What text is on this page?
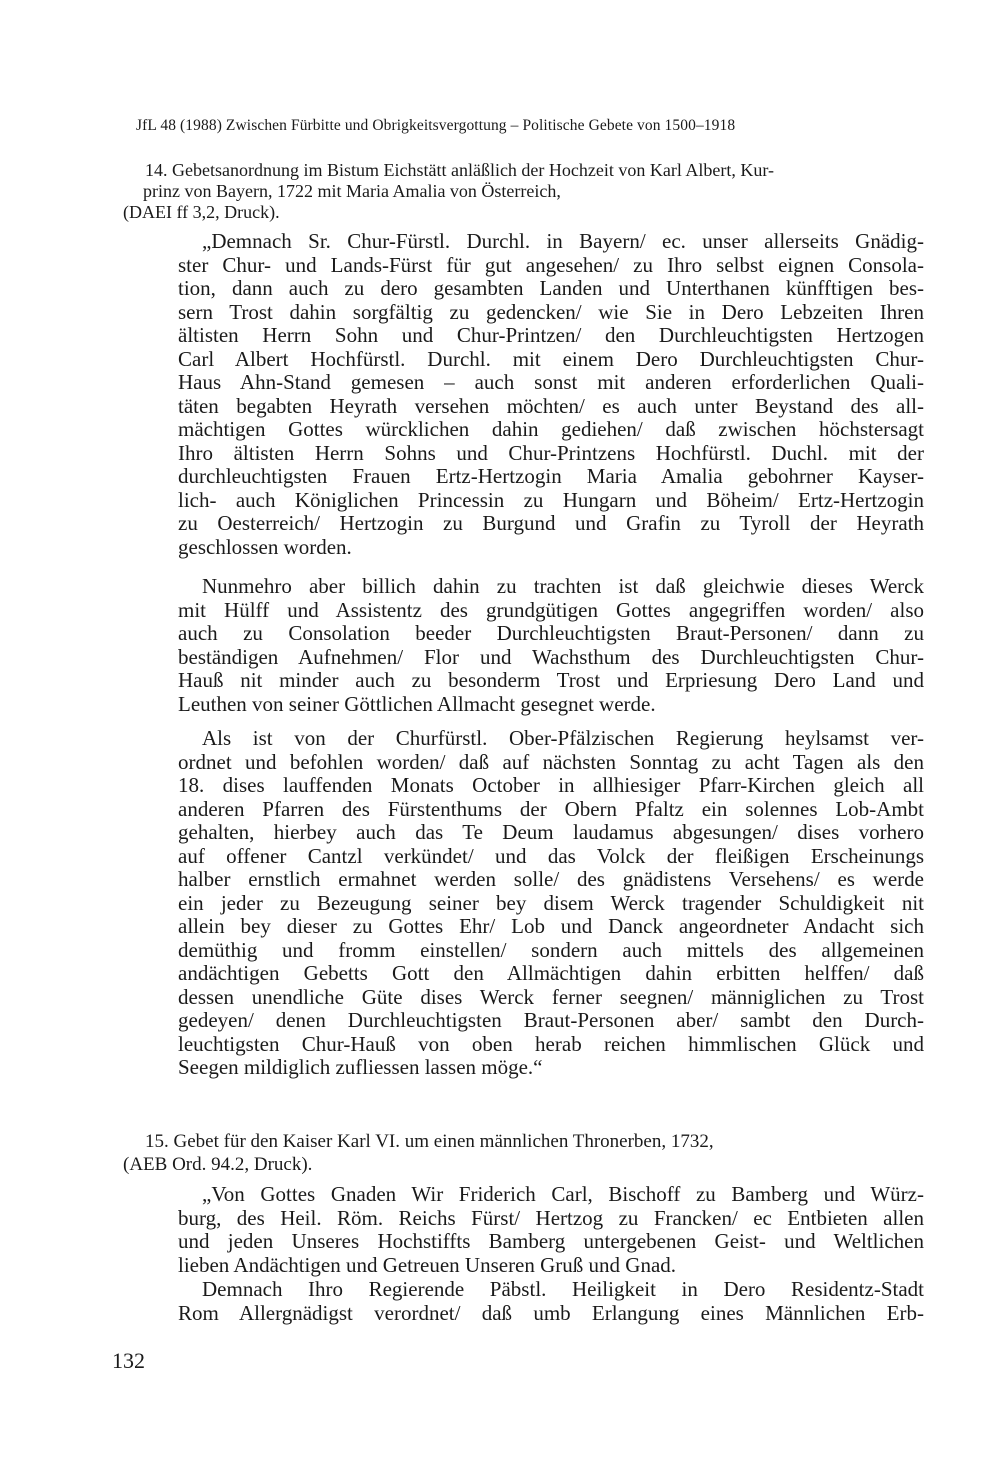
JfL 48 (1988) Zwischen Fürbitte und Obrigkeitsvergottung – Politische Gebete von 1500–1918
14. Gebetsanordnung im Bistum Eichstätt anläßlich der Hochzeit von Karl Albert, Kur-
prinz von Bayern, 1722 mit Maria Amalia von Österreich,
(DAEI ff 3,2, Druck).
„Demnach Sr. Chur-Fürstl. Durchl. in Bayern/ ec. unser allerseits Gnädig-
ster Chur- und Lands-Fürst für gut angesehen/ zu Ihro selbst eignen Consola-
tion, dann auch zu dero gesambten Landen und Unterthanen künfftigen bes-
sern Trost dahin sorgfältig zu gedencken/ wie Sie in Dero Lebzeiten Ihren
ältisten Herrn Sohn und Chur-Printzen/ den Durchleuchtigsten Hertzogen
Carl Albert Hochfürstl. Durchl. mit einem Dero Durchleuchtigsten Chur-
Haus Ahn-Stand gemesen – auch sonst mit anderen erforderlichen Quali-
täten begabten Heyrath versehen möchten/ es auch unter Beystand des all-
mächtigen Gottes würcklichen dahin gediehen/ daß zwischen höchstersagt
Ihro ältisten Herrn Sohns und Chur-Printzens Hochfürstl. Duchl. mit der
durchleuchtigsten Frauen Ertz-Hertzogin Maria Amalia gebohrner Kayser-
lich- auch Königlichen Princessin zu Hungarn und Böheim/ Ertz-Hertzogin
zu Oesterreich/ Hertzogin zu Burgund und Grafin zu Tyroll der Heyrath
geschlossen worden.
Nunmehro aber billich dahin zu trachten ist daß gleichwie dieses Werck
mit Hülff und Assistentz des grundgütigen Gottes angegriffen worden/ also
auch zu Consolation beeder Durchleuchtigsten Braut-Personen/ dann zu
beständigen Aufnehmen/ Flor und Wachsthum des Durchleuchtigsten Chur-
Hauß nit minder auch zu besonderm Trost und Erpriesung Dero Land und
Leuthen von seiner Göttlichen Allmacht gesegnet werde.
Als ist von der Churfürstl. Ober-Pfälzischen Regierung heylsamst ver-
ordnet und befohlen worden/ daß auf nächsten Sonntag zu acht Tagen als den
18. dises lauffenden Monats October in allhiesiger Pfarr-Kirchen gleich all
anderen Pfarren des Fürstenthums der Obern Pfaltz ein solennes Lob-Ambt
gehalten, hierbey auch das Te Deum laudamus abgesungen/ dises vorhero
auf offener Cantzl verkündet/ und das Volck der fleißigen Erscheinungs
halber ernstlich ermahnet werden solle/ des gnädistens Versehens/ es werde
ein jeder zu Bezeugung seiner bey disem Werck tragender Schuldigkeit nit
allein bey dieser zu Gottes Ehr/ Lob und Danck angeordneter Andacht sich
demüthig und fromm einstellen/ sondern auch mittels des allgemeinen
andächtigen Gebetts Gott den Allmächtigen dahin erbitten helffen/ daß
dessen unendliche Güte dises Werck ferner seegnen/ männiglichen zu Trost
gedeyen/ denen Durchleuchtigsten Braut-Personen aber/ sambt den Durch-
leuchtigsten Chur-Hauß von oben herab reichen himmlischen Glück und
Seegen mildiglich zufliessen lassen möge.“
15. Gebet für den Kaiser Karl VI. um einen männlichen Thronerben, 1732,
(AEB Ord. 94.2, Druck).
„Von Gottes Gnaden Wir Friderich Carl, Bischoff zu Bamberg und Würz-
burg, des Heil. Röm. Reichs Fürst/ Hertzog zu Francken/ ec Entbieten allen
und jeden Unseres Hochstiffts Bamberg untergebenen Geist- und Weltlichen
lieben Andächtigen und Getreuen Unseren Gruß und Gnad.
Demnach Ihro Regierende Päbstl. Heiligkeit in Dero Residentz-Stadt
Rom Allergnädigst verordnet/ daß umb Erlangung eines Männlichen Erb-
132
